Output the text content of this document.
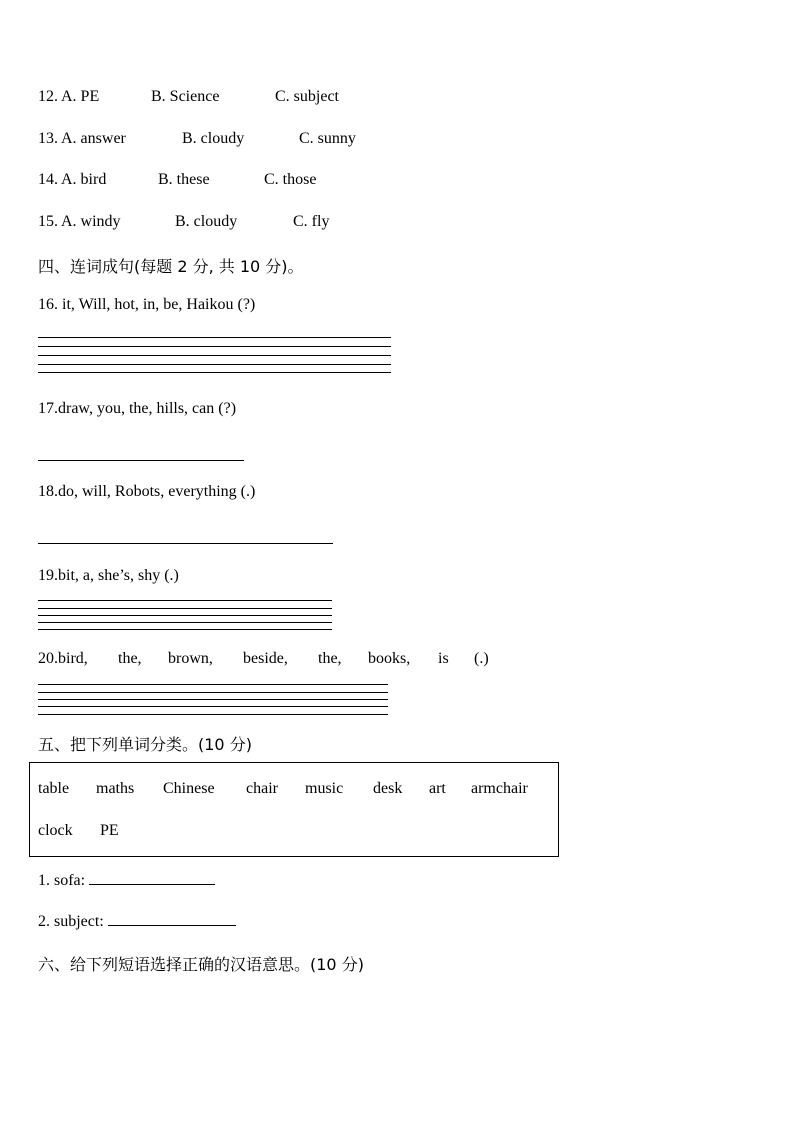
12. A. PE	B. Science	C. subject
13. A. answer	B. cloudy	C. sunny
14. A. bird	B. these	C. those
15. A. windy	B. cloudy	C. fly
四、连词成句(每题 2 分, 共 10 分)。
16. it, Will, hot, in, be, Haikou (?)
17.draw, you, the, hills, can (?)
18.do, will, Robots, everything (.)
19.bit, a, she’s, shy (.)
20.bird, the, brown, beside, the, books, is (.)
五、把下列单词分类。(10 分)
table maths Chinese chair music desk art armchair
clock PE
1. sofa:
2. subject:
六、给下列短语选择正确的汉语意思。(10 分)
